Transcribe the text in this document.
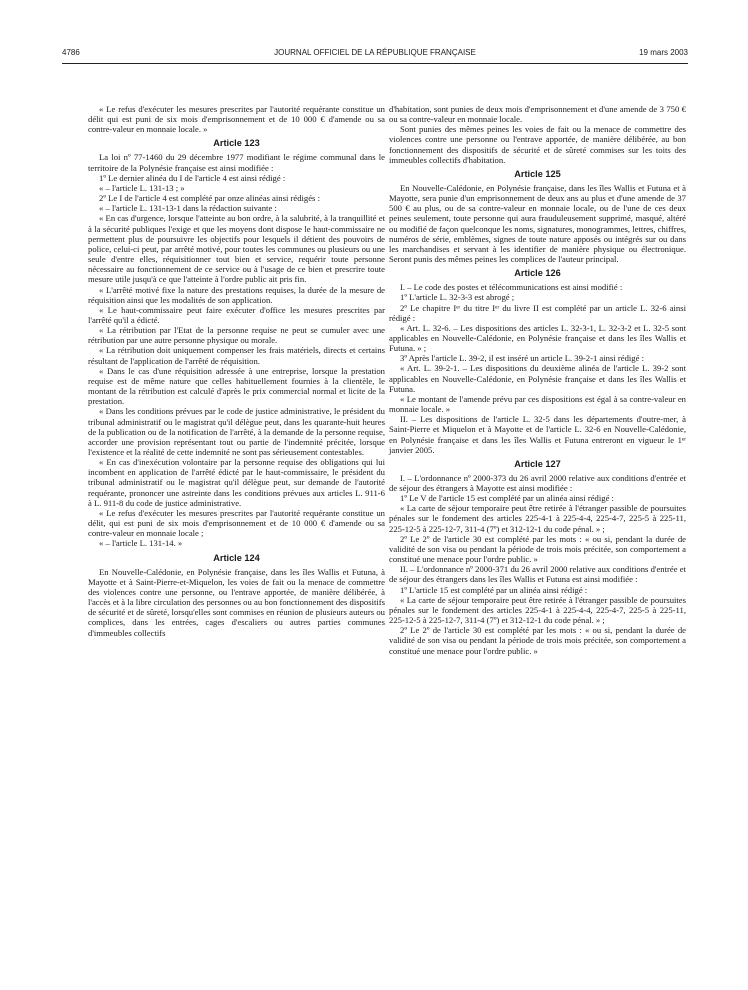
4786	JOURNAL OFFICIEL DE LA RÉPUBLIQUE FRANÇAISE	19 mars 2003

« Le refus d'exécuter les mesures prescrites par l'autorité requérante constitue un délit qui est puni de six mois d'emprisonnement et de 10 000 € d'amende ou sa contre-valeur en monnaie locale. »

Article 123

La loi nº 77-1460 du 29 décembre 1977 modifiant le régime communal dans le territoire de la Polynésie française est ainsi modifiée :

1º Le dernier alinéa du I de l'article 4 est ainsi rédigé :

« – l'article L. 131-13 ; »

2º Le I de l'article 4 est complété par onze alinéas ainsi rédigés :

« – l'article L. 131-13-1 dans la rédaction suivante :

« En cas d'urgence, lorsque l'atteinte au bon ordre, à la salubrité, à la tranquillité et à la sécurité publiques l'exige et que les moyens dont dispose le haut-commissaire ne permettent plus de poursuivre les objectifs pour lesquels il détient des pouvoirs de police, celui-ci peut, par arrêté motivé, pour toutes les communes ou plusieurs ou une seule d'entre elles, réquisitionner tout bien et service, requérir toute personne nécessaire au fonctionnement de ce service ou à l'usage de ce bien et prescrire toute mesure utile jusqu'à ce que l'atteinte à l'ordre public ait pris fin.

« L'arrêté motivé fixe la nature des prestations requises, la durée de la mesure de réquisition ainsi que les modalités de son application.

« Le haut-commissaire peut faire exécuter d'office les mesures prescrites par l'arrêté qu'il a édicté.

« La rétribution par l'Etat de la personne requise ne peut se cumuler avec une rétribution par une autre personne physique ou morale.

« La rétribution doit uniquement compenser les frais matériels, directs et certains résultant de l'application de l'arrêté de réquisition.

« Dans le cas d'une réquisition adressée à une entreprise, lorsque la prestation requise est de même nature que celles habituellement fournies à la clientèle, le montant de la rétribution est calculé d'après le prix commercial normal et licite de la prestation.

« Dans les conditions prévues par le code de justice administrative, le président du tribunal administratif ou le magistrat qu'il délègue peut, dans les quarante-huit heures de la publication ou de la notification de l'arrêté, à la demande de la personne requise, accorder une provision représentant tout ou partie de l'indemnité précitée, lorsque l'existence et la réalité de cette indemnité ne sont pas sérieusement contestables.

« En cas d'inexécution volontaire par la personne requise des obligations qui lui incombent en application de l'arrêté édicté par le haut-commissaire, le président du tribunal administratif ou le magistrat qu'il délègue peut, sur demande de l'autorité requérante, prononcer une astreinte dans les conditions prévues aux articles L. 911-6 à L. 911-8 du code de justice administrative.

« Le refus d'exécuter les mesures prescrites par l'autorité requérante constitue un délit, qui est puni de six mois d'emprisonnement et de 10 000 € d'amende ou sa contre-valeur en monnaie locale ;

« – l'article L. 131-14. »

Article 124

En Nouvelle-Calédonie, en Polynésie française, dans les îles Wallis et Futuna, à Mayotte et à Saint-Pierre-et-Miquelon, les voies de fait ou la menace de commettre des violences contre une personne, ou l'entrave apportée, de manière délibérée, à l'accès et à la libre circulation des personnes ou au bon fonctionnement des dispositifs de sécurité et de sûreté, lorsqu'elles sont commises en réunion de plusieurs auteurs ou complices, dans les entrées, cages d'escaliers ou autres parties communes d'immeubles collectifs

d'habitation, sont punies de deux mois d'emprisonnement et d'une amende de 3 750 € ou sa contre-valeur en monnaie locale.

Sont punies des mêmes peines les voies de fait ou la menace de commettre des violences contre une personne ou l'entrave apportée, de manière délibérée, au bon fonctionnement des dispositifs de sécurité et de sûreté commises sur les toits des immeubles collectifs d'habitation.

Article 125

En Nouvelle-Calédonie, en Polynésie française, dans les îles Wallis et Futuna et à Mayotte, sera punie d'un emprisonnement de deux ans au plus et d'une amende de 37 500 € au plus, ou de sa contre-valeur en monnaie locale, ou de l'une de ces deux peines seulement, toute personne qui aura frauduleusement supprimé, masqué, altéré ou modifié de façon quelconque les noms, signatures, monogrammes, lettres, chiffres, numéros de série, emblèmes, signes de toute nature apposés ou intégrés sur ou dans les marchandises et servant à les identifier de manière physique ou électronique. Seront punis des mêmes peines les complices de l'auteur principal.

Article 126

I. – Le code des postes et télécommunications est ainsi modifié :

1º L'article L. 32-3-3 est abrogé ;

2º Le chapitre Iᵉʳ du titre Iᵉʳ du livre II est complété par un article L. 32-6 ainsi rédigé :

« Art. L. 32-6. – Les dispositions des articles L. 32-3-1, L. 32-3-2 et L. 32-5 sont applicables en Nouvelle-Calédonie, en Polynésie française et dans les îles Wallis et Futuna. » ;

3º Après l'article L. 39-2, il est inséré un article L. 39-2-1 ainsi rédigé :

« Art. L. 39-2-1. – Les dispositions du deuxième alinéa de l'article L. 39-2 sont applicables en Nouvelle-Calédonie, en Polynésie française et dans les îles Wallis et Futuna.

« Le montant de l'amende prévu par ces dispositions est égal à sa contre-valeur en monnaie locale. »

II. – Les dispositions de l'article L. 32-5 dans les départements d'outre-mer, à Saint-Pierre et Miquelon et à Mayotte et de l'article L. 32-6 en Nouvelle-Calédonie, en Polynésie française et dans les îles Wallis et Futuna entreront en vigueur le 1ᵉʳ janvier 2005.

Article 127

I. – L'ordonnance nº 2000-373 du 26 avril 2000 relative aux conditions d'entrée et de séjour des étrangers à Mayotte est ainsi modifiée :

1º Le V de l'article 15 est complété par un alinéa ainsi rédigé :

« La carte de séjour temporaire peut être retirée à l'étranger passible de poursuites pénales sur le fondement des articles 225-4-1 à 225-4-4, 225-4-7, 225-5 à 225-11, 225-12-5 à 225-12-7, 311-4 (7º) et 312-12-1 du code pénal. » ;

2º Le 2º de l'article 30 est complété par les mots : « ou si, pendant la durée de validité de son visa ou pendant la période de trois mois précitée, son comportement a constitué une menace pour l'ordre public. »

II. – L'ordonnance nº 2000-371 du 26 avril 2000 relative aux conditions d'entrée et de séjour des étrangers dans les îles Wallis et Futuna est ainsi modifiée :

1º L'article 15 est complété par un alinéa ainsi rédigé :

« La carte de séjour temporaire peut être retirée à l'étranger passible de poursuites pénales sur le fondement des articles 225-4-1 à 225-4-4, 225-4-7, 225-5 à 225-11, 225-12-5 à 225-12-7, 311-4 (7º) et 312-12-1 du code pénal. » ;

2º Le 2º de l'article 30 est complété par les mots : « ou si, pendant la durée de validité de son visa ou pendant la période de trois mois précitée, son comportement a constitué une menace pour l'ordre public. »
